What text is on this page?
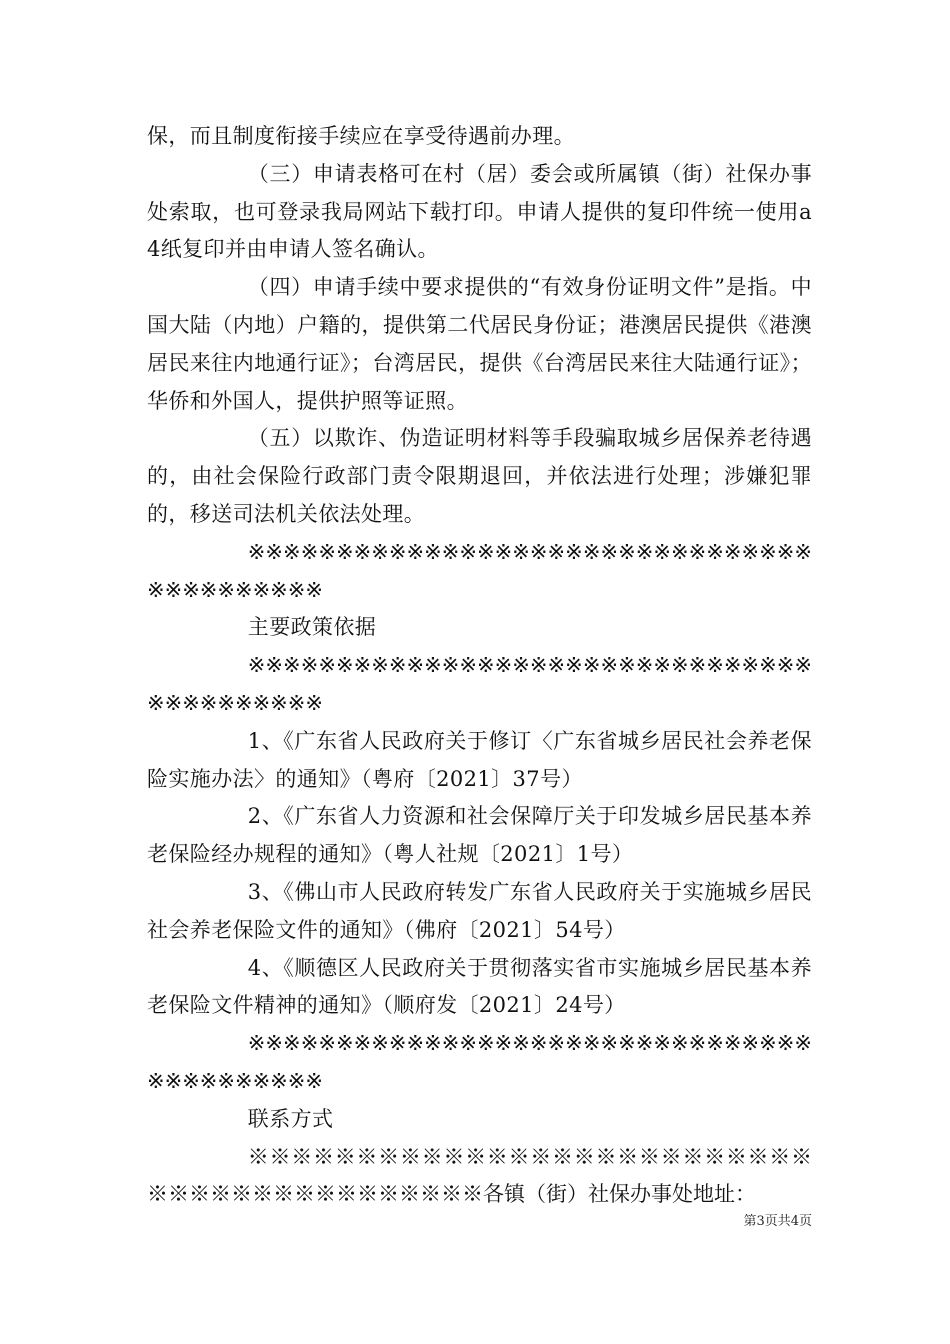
保，而且制度衔接手续应在享受待遇前办理。

（三）申请表格可在村（居）委会或所属镇（街）社保办事处索取，也可登录我局网站下载打印。申请人提供的复印件统一使用a4纸复印并由申请人签名确认。

（四）申请手续中要求提供的“有效身份证明文件”是指。中国大陆（内地）户籍的，提供第二代居民身份证；港澳居民提供《港澳居民来往内地通行证》；台湾居民，提供《台湾居民来往大陆通行证》；华侨和外国人，提供护照等证照。

（五）以欺诈、伪造证明材料等手段骗取城乡居保养老待遇的，由社会保险行政部门责令限期退回，并依法进行处理；涉嫌犯罪的，移送司法机关依法处理。

※※※※※※※※※※※※※※※※※※※※※※※※※※※※※※※※※※※※※※※※※※

主要政策依据

※※※※※※※※※※※※※※※※※※※※※※※※※※※※※※※※※※※※※※※※※※

1、《广东省人民政府关于修订〈广东省城乡居民社会养老保险实施办法〉的通知》（粤府〔2021〕37号）

2、《广东省人力资源和社会保障厅关于印发城乡居民基本养老保险经办规程的通知》（粤人社规〔2021〕1号）

3、《佛山市人民政府转发广东省人民政府关于实施城乡居民社会养老保险文件的通知》（佛府〔2021〕54号）

4、《顺德区人民政府关于贯彻落实省市实施城乡居民基本养老保险文件精神的通知》（顺府发〔2021〕24号）

※※※※※※※※※※※※※※※※※※※※※※※※※※※※※※※※※※※※※※※※※※

联系方式

※※※※※※※※※※※※※※※※※※※※※※※※※※※※※※※※※※※※※※※※※※各镇（街）社保办事处地址：

第3页共4页
